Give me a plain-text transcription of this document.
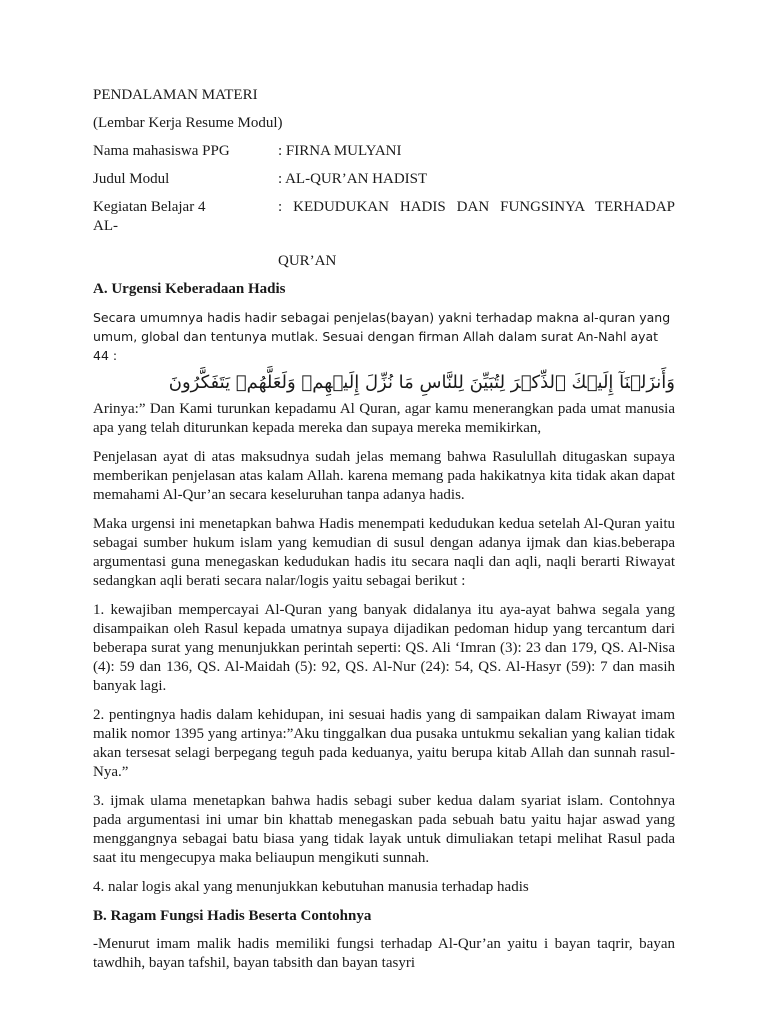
PENDALAMAN MATERI

(Lembar Kerja Resume Modul)

Nama mahasiswa PPG	: FIRNA MULYANI
Judul Modul	: AL-QUR’AN HADIST
Kegiatan Belajar 4
AL-
: KEDUDUKAN HADIS DAN FUNGSINYA TERHADAP
QUR’AN
A. Urgensi Keberadaan Hadis

Secara umumnya hadis hadir sebagai penjelas(bayan) yakni terhadap makna al-quran yang umum, global dan tentunya mutlak. Sesuai dengan firman Allah dalam surat An-Nahl ayat 44 :

وَأَنزَلۡنَآ إِلَيۡكَ ٱلذِّكۡرَ لِتُبَيِّنَ لِلنَّاسِ مَا نُزِّلَ إِلَيۡهِمۡ وَلَعَلَّهُمۡ يَتَفَكَّرُونَ

Arinya:” Dan Kami turunkan kepadamu Al Quran, agar kamu menerangkan pada umat manusia apa yang telah diturunkan kepada mereka dan supaya mereka memikirkan,

Penjelasan ayat di atas maksudnya sudah jelas memang bahwa Rasulullah ditugaskan supaya memberikan penjelasan atas kalam Allah. karena memang pada hakikatnya kita tidak akan dapat memahami Al-Qur’an secara keseluruhan tanpa adanya hadis.

Maka urgensi ini menetapkan bahwa Hadis menempati kedudukan kedua setelah Al-Quran yaitu sebagai sumber hukum islam yang kemudian di susul dengan adanya ijmak dan kias.beberapa argumentasi guna menegaskan kedudukan hadis itu secara naqli dan aqli, naqli berarti Riwayat sedangkan aqli berati secara nalar/logis yaitu sebagai berikut :

1. kewajiban mempercayai Al-Quran yang banyak didalanya itu aya-ayat bahwa segala yang disampaikan oleh Rasul kepada umatnya supaya dijadikan pedoman hidup yang tercantum dari beberapa surat yang menunjukkan perintah seperti: QS. Ali ‘Imran (3): 23 dan 179, QS. Al-Nisa (4): 59 dan 136, QS. Al-Maidah (5): 92, QS. Al-Nur (24): 54, QS. Al-Hasyr (59): 7 dan masih banyak lagi.

2. pentingnya hadis dalam kehidupan, ini sesuai hadis yang di sampaikan dalam Riwayat imam malik nomor 1395 yang artinya:”Aku tinggalkan dua pusaka untukmu sekalian yang kalian tidak akan tersesat selagi berpegang teguh pada keduanya, yaitu berupa kitab Allah dan sunnah rasul-Nya.”

3. ijmak ulama menetapkan bahwa hadis sebagi suber kedua dalam syariat islam. Contohnya pada argumentasi ini umar bin khattab menegaskan pada sebuah batu yaitu hajar aswad yang menggangnya sebagai batu biasa yang tidak layak untuk dimuliakan tetapi melihat Rasul pada saat itu mengecupya maka beliaupun mengikuti sunnah.

4. nalar logis akal yang menunjukkan kebutuhan manusia terhadap hadis

B. Ragam Fungsi Hadis Beserta Contohnya

-Menurut imam malik hadis memiliki fungsi terhadap Al-Qur’an yaitu i bayan taqrir, bayan tawdhih, bayan tafshil, bayan tabsith dan bayan tasyri
